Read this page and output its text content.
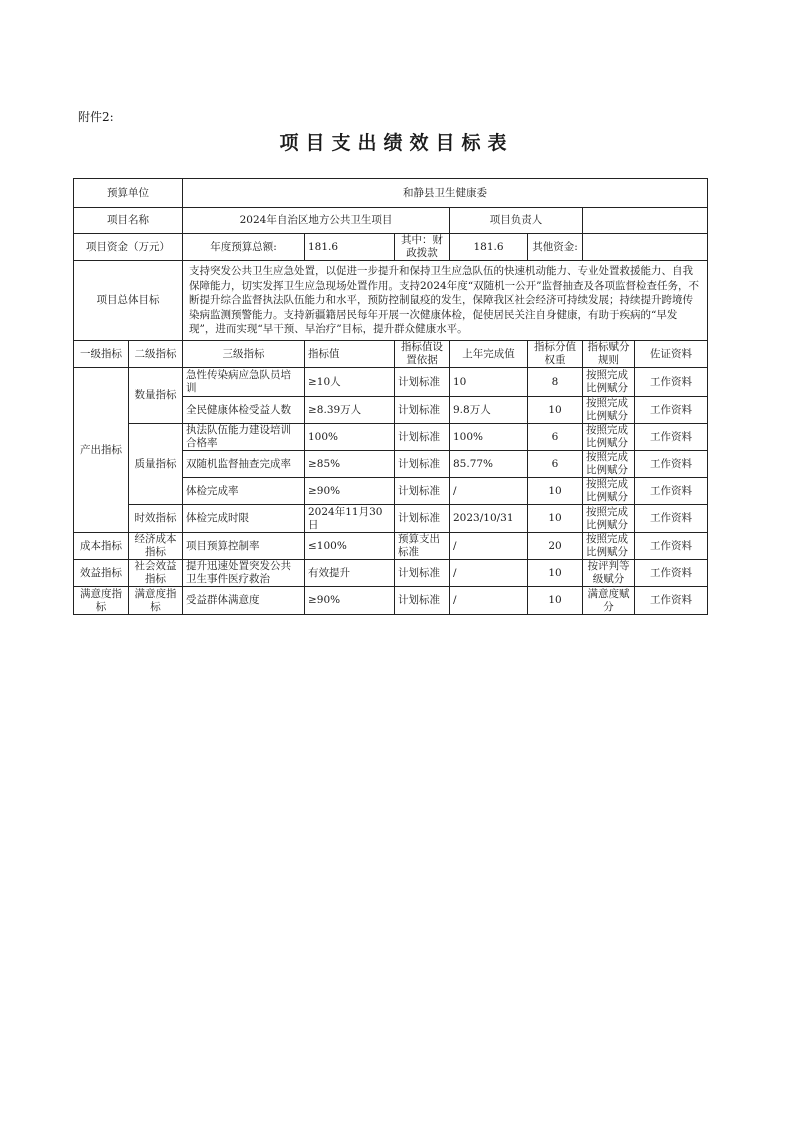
附件2:
项目支出绩效目标表
预算单位		和静县卫生健康委						
项目名称		2024年自治区地方公共卫生项目			项目负责人			
项目资金（万元）		年度预算总额:	181.6	其中：财政拨款	181.6	其他资金:		
项目总体目标		支持突发公共卫生应急处置，以促进一步提升和保持卫生应急队伍的快速机动能力、专业处置救援能力、自我保障能力，切实发挥卫生应急现场处置作用。支持2024年度“双随机一公开”监督抽查及各项监督检查任务，不断提升综合监督执法队伍能力和水平，预防控制鼠疫的发生，保障我区社会经济可持续发展；持续提升跨境传染病监测预警能力。支持新疆籍居民每年开展一次健康体检，促使居民关注自身健康，有助于疾病的“早发现”，进而实现“早干预、早治疗”目标，提升群众健康水平。						
一级指标	二级指标	三级指标	指标值	指标值设置依据	上年完成值	指标分值权重	指标赋分规则	佐证资料
产出指标	数量指标	急性传染病应急队员培训	≥10人	计划标准	10	8	按照完成比例赋分	工作资料
		全民健康体检受益人数	≥8.39万人	计划标准	9.8万人	10	按照完成比例赋分	工作资料
	质量指标	执法队伍能力建设培训合格率	100%	计划标准	100%	6	按照完成比例赋分	工作资料
		双随机监督抽查完成率	≥85%	计划标准	85.77%	6	按照完成比例赋分	工作资料
		体检完成率	≥90%	计划标准	/	10	按照完成比例赋分	工作资料
	时效指标	体检完成时限	2024年11月30日	计划标准	2023/10/31	10	按照完成比例赋分	工作资料
成本指标	经济成本指标	项目预算控制率	≤100%	预算支出标准	/	20	按照完成比例赋分	工作资料
效益指标	社会效益指标	提升迅速处置突发公共卫生事件医疗救治	有效提升	计划标准	/	10	按评判等级赋分	工作资料
满意度指标	满意度指标	受益群体满意度	≥90%	计划标准	/	10	满意度赋分	工作资料
